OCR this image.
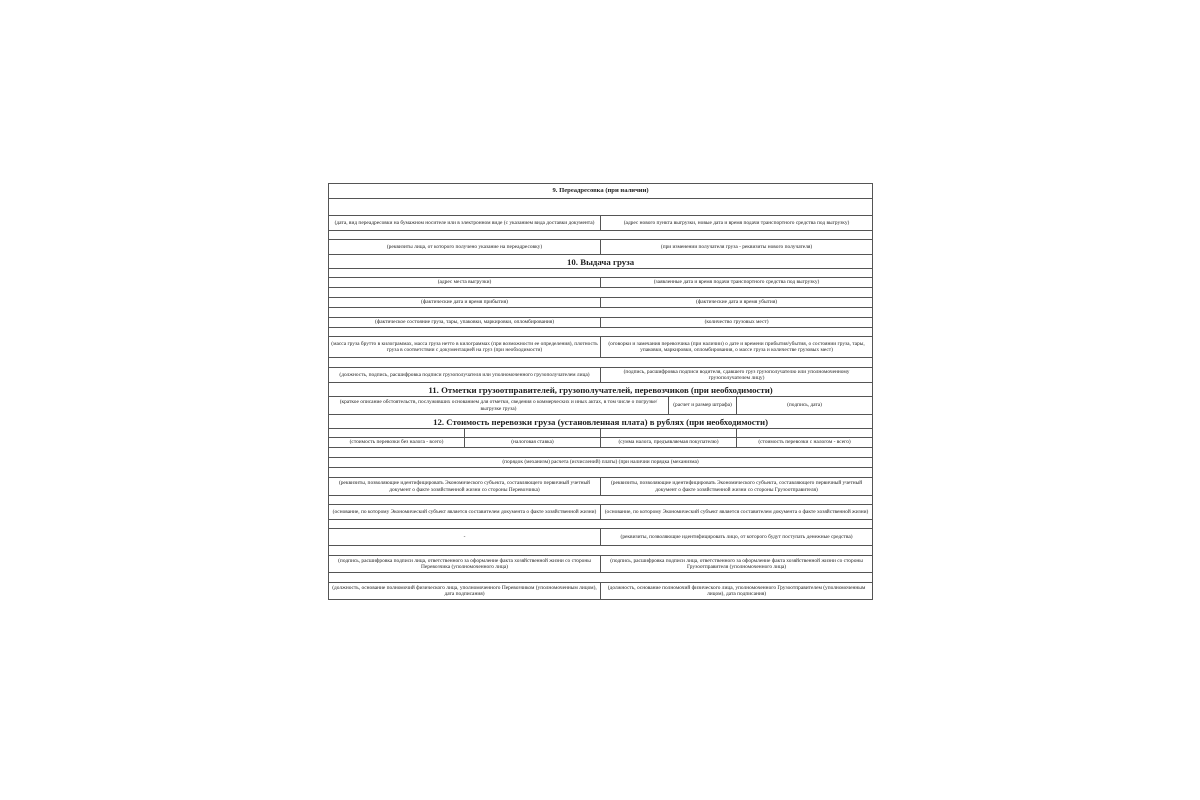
9. Переадресовка (при наличии)				

(дата, вид переадресовки на бумажном носителе или в электронном виде (с указанием вида доставки документа)		(адрес нового пункта выгрузки, новые дата и время подачи транспортного средства под выгрузку)		

(реквизиты лица, от которого получено указание на переадресовку)		(при изменении получателя груза - реквизиты нового получателя)		
10. Выдача груза				

(адрес места выгрузки)		(заявленные дата и время подачи транспортного средства под выгрузку)		

(фактические дата и время прибытия)		(фактические дата и время убытия)		

(фактическое состояние груза, тары, упаковки, маркировки, опломбирования)		(количество грузовых мест)		

(масса груза брутто в килограммах, масса груза нетто в килограммах (при возможности ее определения), плотность груза в соответствии с документацией на груз (при необходимости)		(оговорки и замечания перевозчика (при наличии) о дате и времени прибытия/убытия, о состоянии груза, тары, упаковки, маркировки, опломбирования, о массе груза и количестве грузовых мест)		

(должность, подпись, расшифровка подписи грузополучателя или уполномоченного грузополучателем лица)		(подпись, расшифровка подписи водителя, сдавшего груз грузополучателю или уполномоченному грузополучателем лицу)		
11. Отметки грузоотправителей, грузополучателей, перевозчиков (при необходимости)				
(краткое описание обстоятельств, послуживших основанием для отметки, сведения о коммерческих и иных актах, в том числе о погрузке/выгрузке груза)			(расчет и размер штрафа)	(подпись, дата)
12. Стоимость перевозки груза (установленная плата) в рублях (при необходимости)				

(стоимость перевозки без налога - всего)	(налоговая ставка)	(сумма налога, предъявляемая покупателю)		(стоимость перевозки с налогом - всего)

(порядок (механизм) расчета (исчислений) платы) (при наличии порядка (механизма)				

(реквизиты, позволяющие идентифицировать Экономического субъекта, составляющего первичный учетный документ о факте хозяйственной жизни со стороны Перевозчика)		(реквизиты, позволяющие идентифицировать Экономического субъекта, составляющего первичный учетный документ о факте хозяйственной жизни со стороны Грузоотправителя)		

(основание, по которому Экономический субъект является составителем документа о факте хозяйственной жизни)		(основание, по которому Экономический субъект является составителем документа о факте хозяйственной жизни)		

-		(реквизиты, позволяющие идентифицировать лицо, от которого будут поступать денежные средства)		

(подпись, расшифровка подписи лица, ответственного за оформление факта хозяйственной жизни со стороны Перевозчика (уполномоченного лица)		(подпись, расшифровка подписи лица, ответственного за оформление факта хозяйственной жизни со стороны Грузоотправителя (уполномоченного лица)		

(должность, основание полномочий физического лица, уполномоченного Перевозчиком (уполномоченным лицом), дата подписания)		(должность, основание полномочий физического лица, уполномоченного Грузоотправителем (уполномоченным лицом), дата подписания)		
